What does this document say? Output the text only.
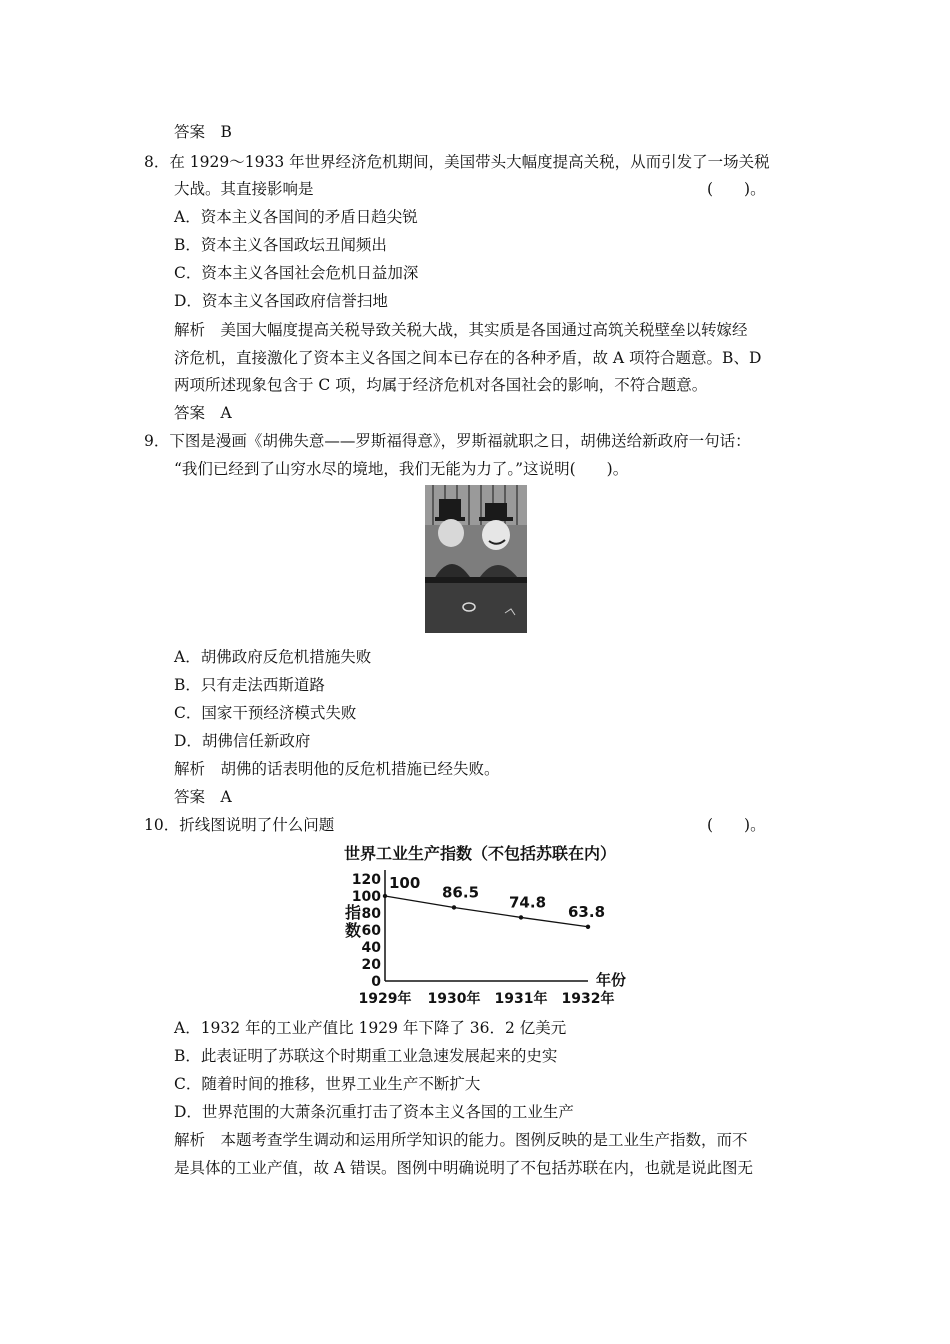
答案　B
8．在 1929～1933 年世界经济危机期间，美国带头大幅度提高关税，从而引发了一场关税
大战。其直接影响是	(　　)。
A．资本主义各国间的矛盾日趋尖锐
B．资本主义各国政坛丑闻频出
C．资本主义各国社会危机日益加深
D．资本主义各国政府信誉扫地
解析　美国大幅度提高关税导致关税大战，其实质是各国通过高筑关税壁垒以转嫁经
济危机，直接激化了资本主义各国之间本已存在的各种矛盾，故 A 项符合题意。B、D
两项所述现象包含于 C 项，均属于经济危机对各国社会的影响，不符合题意。
答案　A
9．下图是漫画《胡佛失意——罗斯福得意》，罗斯福就职之日，胡佛送给新政府一句话：
“我们已经到了山穷水尽的境地，我们无能为力了。”这说明(　　)。
A．胡佛政府反危机措施失败
B．只有走法西斯道路
C．国家干预经济模式失败
D．胡佛信任新政府
解析　胡佛的话表明他的反危机措施已经失败。
答案　A
10．折线图说明了什么问题	(　　)。
世界工业生产指数（不包括苏联在内）
120
100
80
60
40
20
0
指
数
年份
100
86.5
74.8
63.8
1929年 1930年 1931年 1932年
A．1932 年的工业产值比 1929 年下降了 36．2 亿美元
B．此表证明了苏联这个时期重工业急速发展起来的史实
C．随着时间的推移，世界工业生产不断扩大
D．世界范围的大萧条沉重打击了资本主义各国的工业生产
解析　本题考查学生调动和运用所学知识的能力。图例反映的是工业生产指数，而不
是具体的工业产值，故 A 错误。图例中明确说明了不包括苏联在内，也就是说此图无
